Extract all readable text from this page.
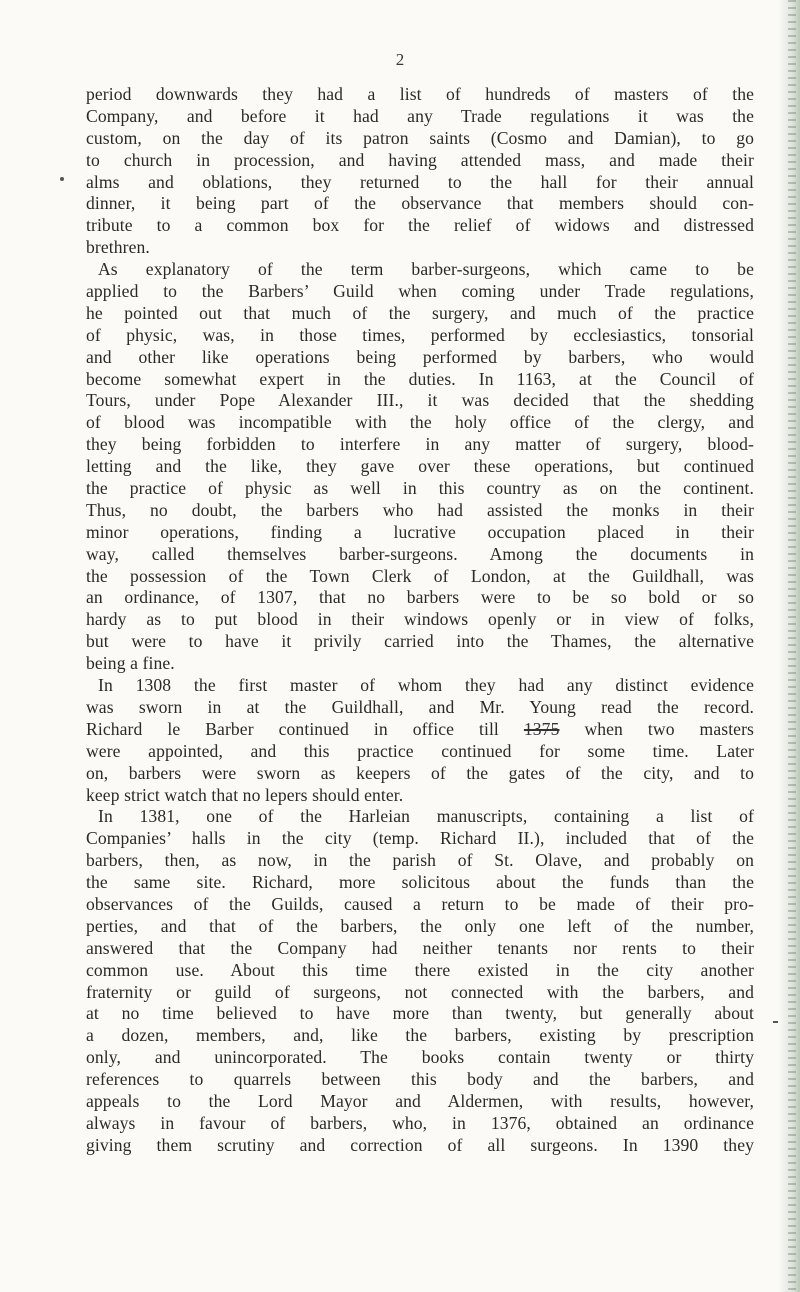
2
period downwards they had a list of hundreds of masters of the
Company, and before it had any Trade regulations it was the
custom, on the day of its patron saints (Cosmo and Damian), to go
to church in procession, and having attended mass, and made their
alms and oblations, they returned to the hall for their annual
dinner, it being part of the observance that members should con-
tribute to a common box for the relief of widows and distressed
brethren.
As explanatory of the term barber-surgeons, which came to be
applied to the Barbers’ Guild when coming under Trade regulations,
he pointed out that much of the surgery, and much of the practice
of physic, was, in those times, performed by ecclesiastics, tonsorial
and other like operations being performed by barbers, who would
become somewhat expert in the duties. In 1163, at the Council of
Tours, under Pope Alexander III., it was decided that the shedding
of blood was incompatible with the holy office of the clergy, and
they being forbidden to interfere in any matter of surgery, blood-
letting and the like, they gave over these operations, but continued
the practice of physic as well in this country as on the continent.
Thus, no doubt, the barbers who had assisted the monks in their
minor operations, finding a lucrative occupation placed in their
way, called themselves barber-surgeons. Among the documents in
the possession of the Town Clerk of London, at the Guildhall, was
an ordinance, of 1307, that no barbers were to be so bold or so
hardy as to put blood in their windows openly or in view of folks,
but were to have it privily carried into the Thames, the alternative
being a fine.
In 1308 the first master of whom they had any distinct evidence
was sworn in at the Guildhall, and Mr. Young read the record.
Richard le Barber continued in office till 1375 when two masters
were appointed, and this practice continued for some time. Later
on, barbers were sworn as keepers of the gates of the city, and to
keep strict watch that no lepers should enter.
In 1381, one of the Harleian manuscripts, containing a list of
Companies’ halls in the city (temp. Richard II.), included that of the
barbers, then, as now, in the parish of St. Olave, and probably on
the same site. Richard, more solicitous about the funds than the
observances of the Guilds, caused a return to be made of their pro-
perties, and that of the barbers, the only one left of the number,
answered that the Company had neither tenants nor rents to their
common use. About this time there existed in the city another
fraternity or guild of surgeons, not connected with the barbers, and
at no time believed to have more than twenty, but generally about
a dozen, members, and, like the barbers, existing by prescription
only, and unincorporated. The books contain twenty or thirty
references to quarrels between this body and the barbers, and
appeals to the Lord Mayor and Aldermen, with results, however,
always in favour of barbers, who, in 1376, obtained an ordinance
giving them scrutiny and correction of all surgeons. In 1390 they
